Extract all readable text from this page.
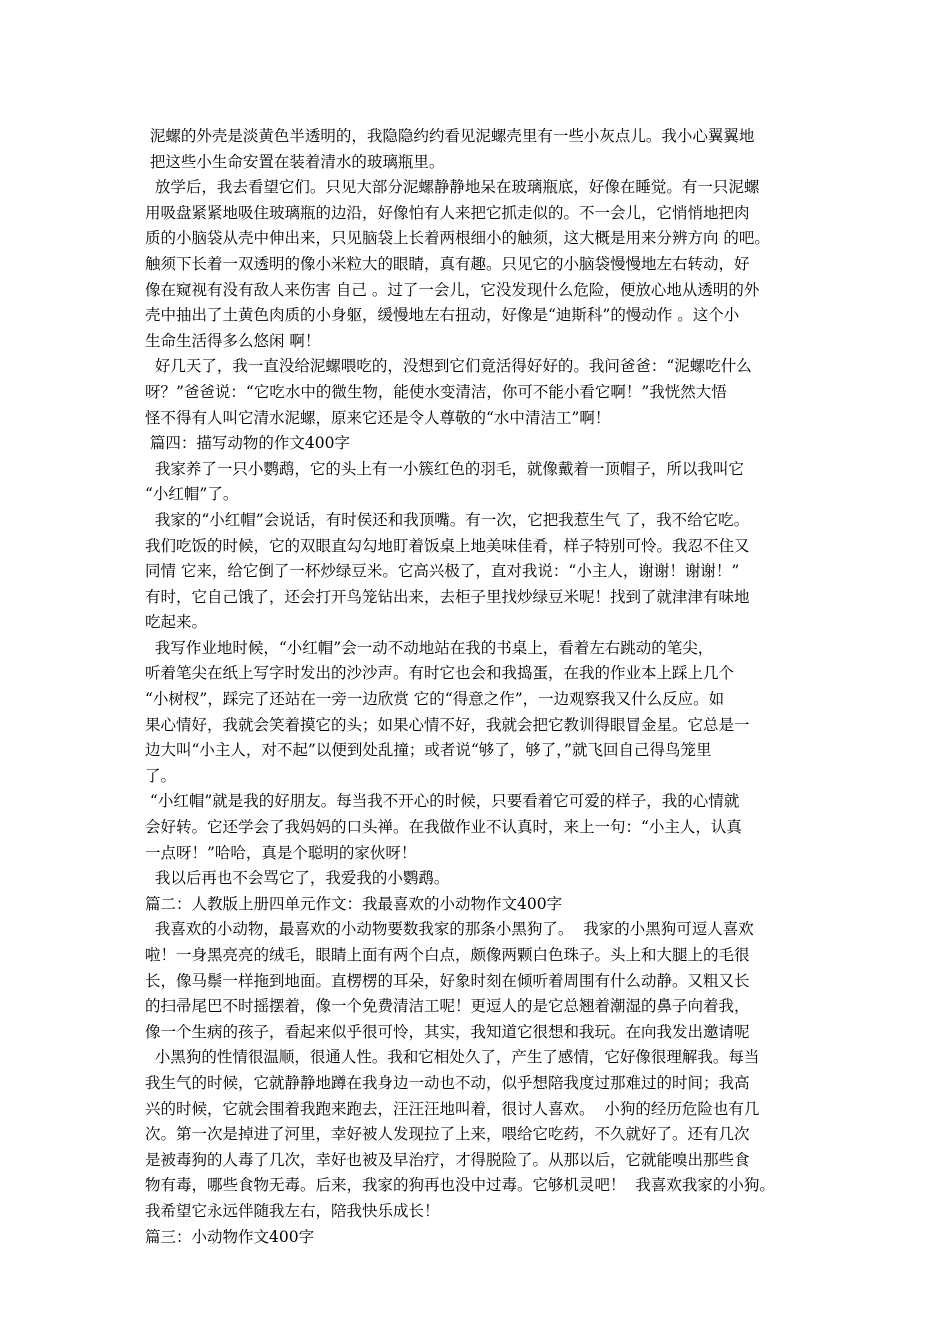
泥螺的外壳是淡黄色半透明的，我隐隐约约看见泥螺壳里有一些小灰点儿。我小心翼翼地
把这些小生命安置在装着清水的玻璃瓶里。
放学后，我去看望它们。只见大部分泥螺静静地呆在玻璃瓶底，好像在睡觉。有一只泥螺
用吸盘紧紧地吸住玻璃瓶的边沿，好像怕有人来把它抓走似的。不一会儿，它悄悄地把肉
质的小脑袋从壳中伸出来，只见脑袋上长着两根细小的触须，这大概是用来分辨方向 的吧。
触须下长着一双透明的像小米粒大的眼睛，真有趣。只见它的小脑袋慢慢地左右转动，好
像在窥视有没有敌人来伤害 自己 。过了一会儿，它没发现什么危险，便放心地从透明的外
壳中抽出了土黄色肉质的小身躯，缓慢地左右扭动，好像是“迪斯科”的慢动作 。这个小
生命生活得多么悠闲 啊！
好几天了，我一直没给泥螺喂吃的，没想到它们竟活得好好的。我问爸爸：“泥螺吃什么
呀？”爸爸说：“它吃水中的微生物，能使水变清洁，你可不能小看它啊！”我恍然大悟
怪不得有人叫它清水泥螺，原来它还是令人尊敬的“水中清洁工”啊！
篇四：描写动物的作文400字
我家养了一只小鹦鹉，它的头上有一小簇红色的羽毛，就像戴着一顶帽子，所以我叫它
“小红帽”了。
我家的“小红帽”会说话，有时侯还和我顶嘴。有一次，它把我惹生气 了，我不给它吃。
我们吃饭的时候，它的双眼直勾勾地盯着饭桌上地美味佳肴，样子特别可怜。我忍不住又
同情 它来，给它倒了一杯炒绿豆米。它高兴极了，直对我说：“小主人，谢谢！谢谢！”
有时，它自己饿了，还会打开鸟笼钻出来，去柜子里找炒绿豆米呢！找到了就津津有味地
吃起来。
我写作业地时候，“小红帽”会一动不动地站在我的书桌上，看着左右跳动的笔尖，
听着笔尖在纸上写字时发出的沙沙声。有时它也会和我捣蛋，在我的作业本上踩上几个
“小树杈”，踩完了还站在一旁一边欣赏 它的“得意之作”，一边观察我又什么反应。如
果心情好，我就会笑着摸它的头；如果心情不好，我就会把它教训得眼冒金星。它总是一
边大叫“小主人，对不起”以便到处乱撞；或者说“够了，够了，”就飞回自己得鸟笼里
了。
“小红帽”就是我的好朋友。每当我不开心的时候，只要看着它可爱的样子，我的心情就
会好转。它还学会了我妈妈的口头禅。在我做作业不认真时，来上一句：“小主人，认真
一点呀！”哈哈，真是个聪明的家伙呀！
我以后再也不会骂它了，我爱我的小鹦鹉。
篇二：人教版上册四单元作文：我最喜欢的小动物作文400字
我喜欢的小动物，最喜欢的小动物要数我家的那条小黑狗了。  我家的小黑狗可逗人喜欢
啦！一身黑亮亮的绒毛，眼睛上面有两个白点，颇像两颗白色珠子。头上和大腿上的毛很
长，像马鬃一样拖到地面。直楞楞的耳朵，好象时刻在倾听着周围有什么动静。又粗又长
的扫帚尾巴不时摇摆着，像一个免费清洁工呢！更逗人的是它总翘着潮湿的鼻子向着我，
像一个生病的孩子，看起来似乎很可怜，其实，我知道它很想和我玩。在向我发出邀请呢
小黑狗的性情很温顺，很通人性。我和它相处久了，产生了感情，它好像很理解我。每当
我生气的时候，它就静静地蹲在我身边一动也不动，似乎想陪我度过那难过的时间；我高
兴的时候，它就会围着我跑来跑去，汪汪汪地叫着，很讨人喜欢。  小狗的经历危险也有几
次。第一次是掉进了河里，幸好被人发现拉了上来，喂给它吃药，不久就好了。还有几次
是被毒狗的人毒了几次，幸好也被及早治疗，才得脱险了。从那以后，它就能嗅出那些食
物有毒，哪些食物无毒。后来，我家的狗再也没中过毒。它够机灵吧！  我喜欢我家的小狗。
我希望它永远伴随我左右，陪我快乐成长！
篇三：小动物作文400字
